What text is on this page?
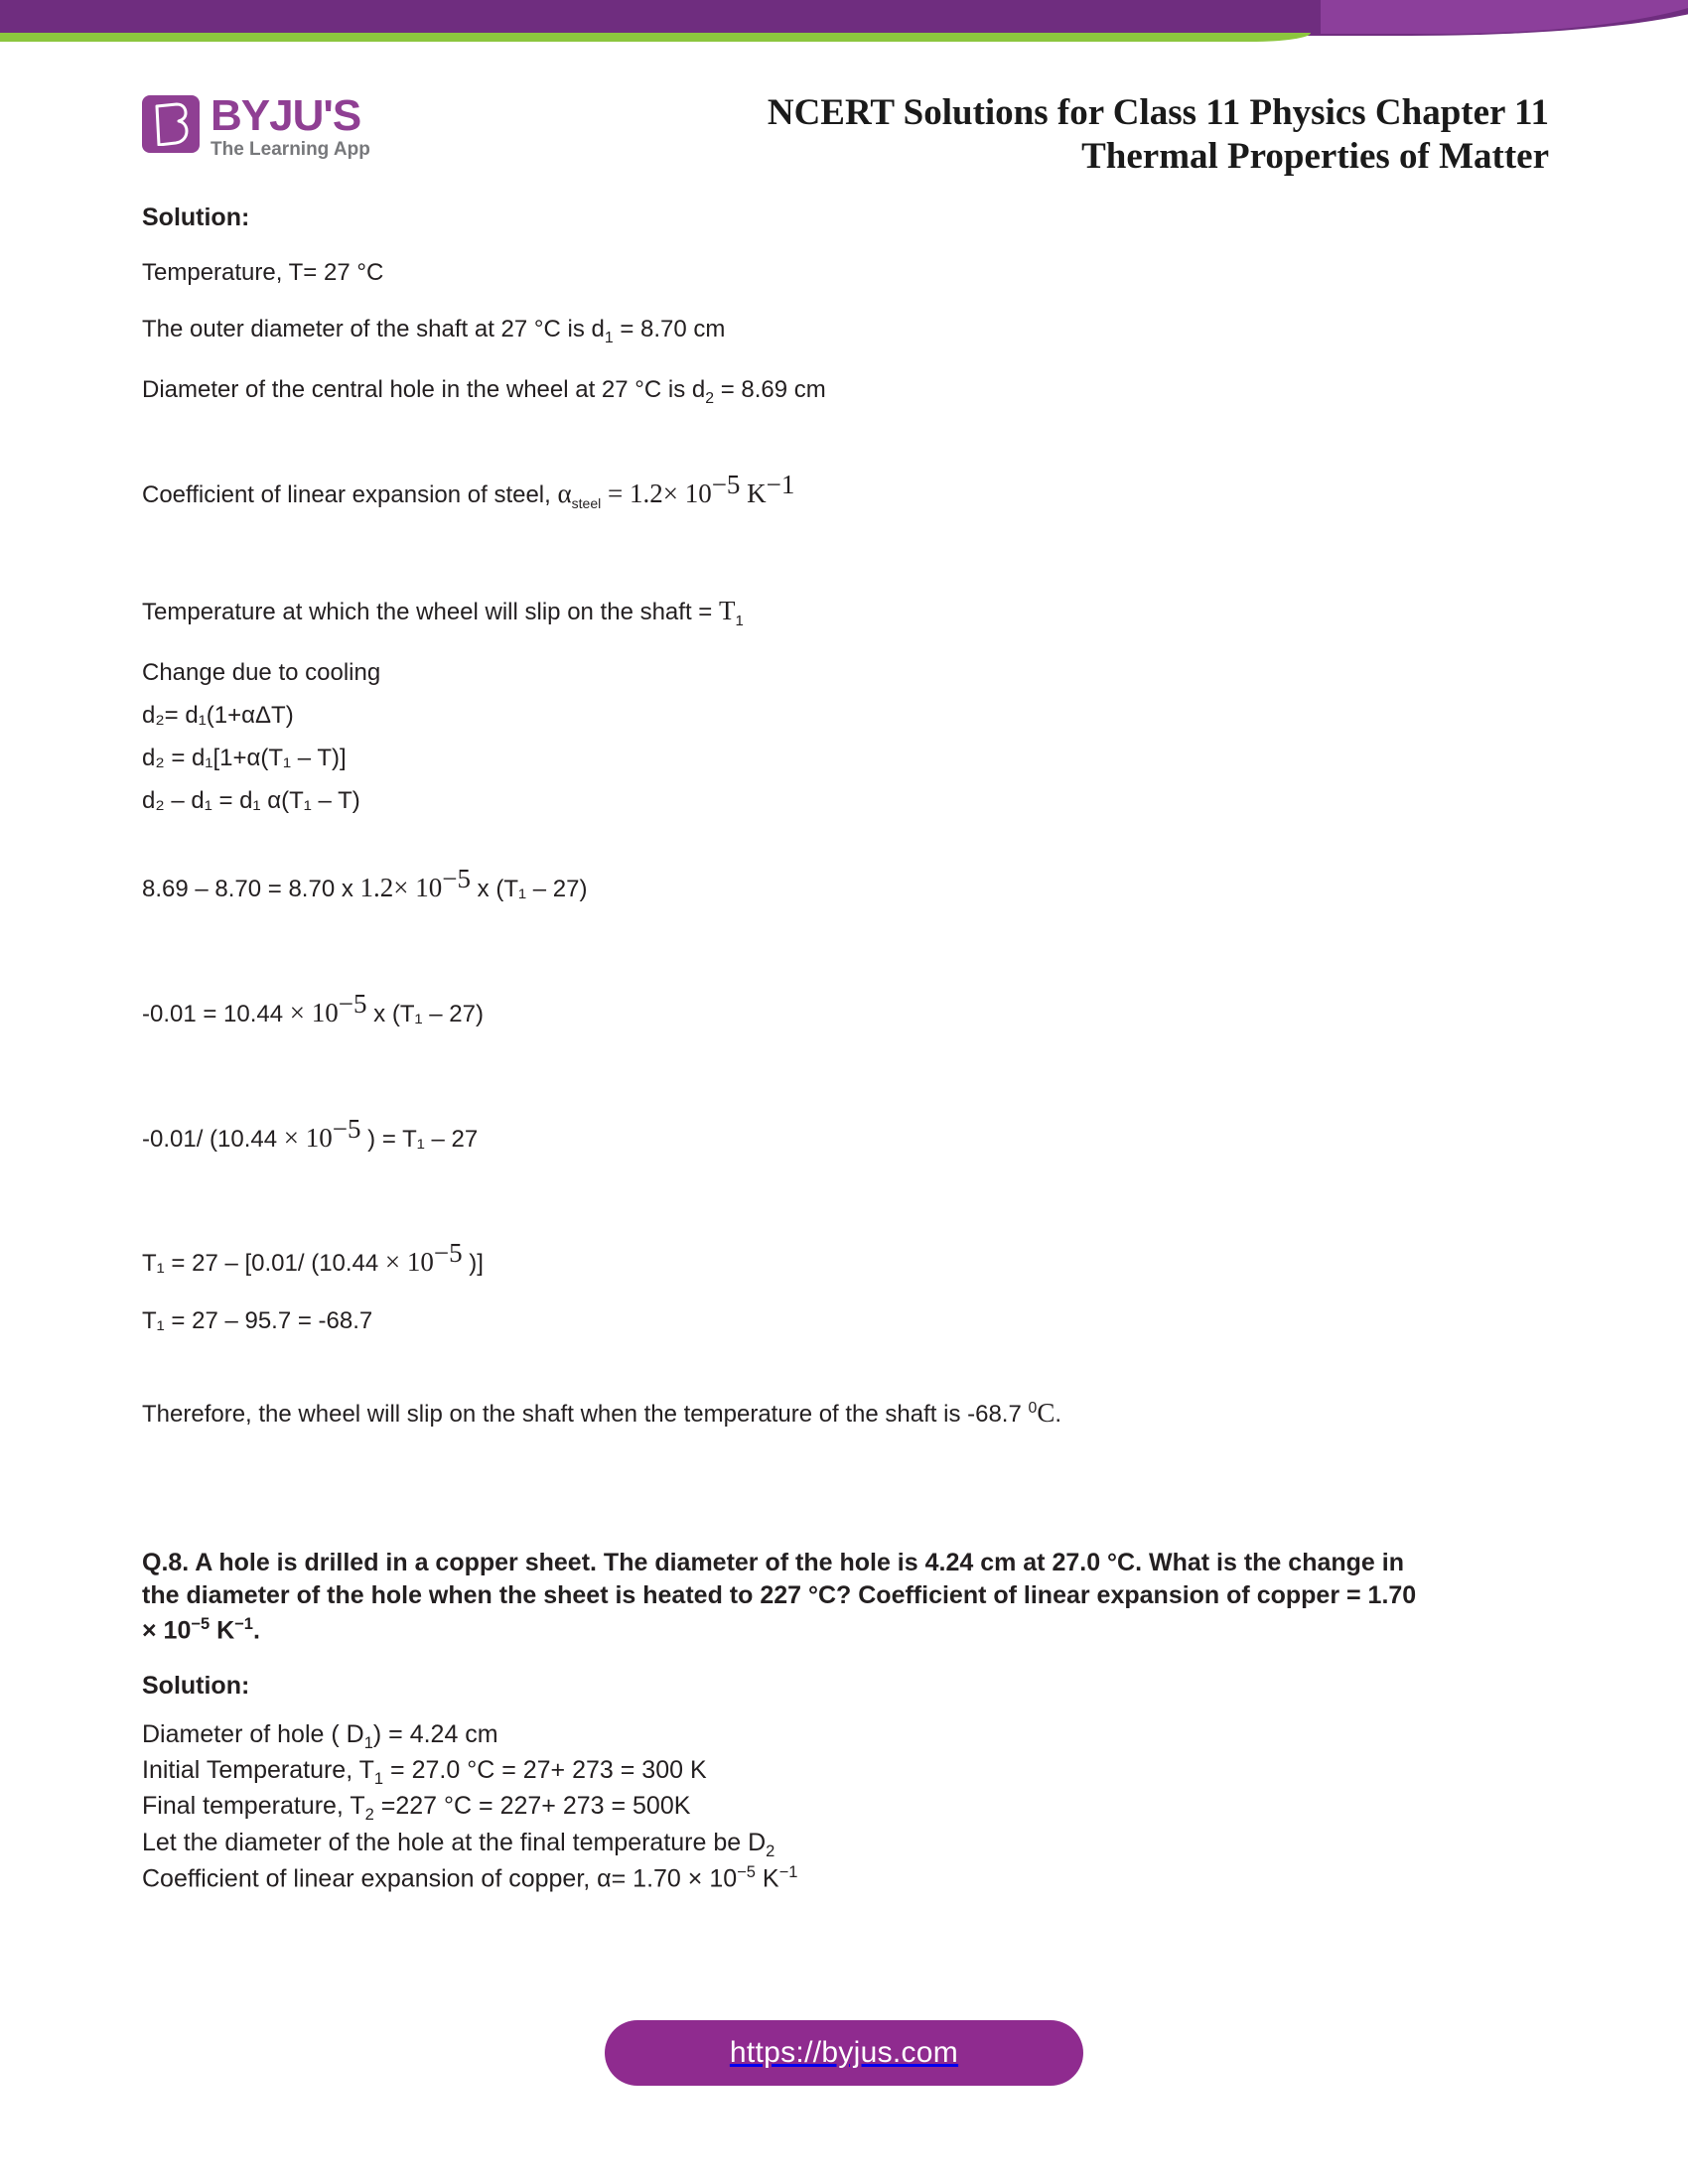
BYJU'S
The Learning App
NCERT Solutions for Class 11 Physics Chapter 11
Thermal Properties of Matter

Solution:

Temperature, T= 27 °C

The outer diameter of the shaft at 27 °C is $d_1 = 8.70$ cm

Diameter of the central hole in the wheel at 27 °C is $d_2 = 8.69$ cm

Coefficient of linear expansion of steel, $\alpha_{steel} = 1.2\times 10^{-5}$ $K^{-1}$

Temperature at which the wheel will slip on the shaft = $T_1$

Change due to cooling

d₂= d₁(1+αΔT)

d₂ = d₁[1+α(T₁ – T)]

d₂ – d₁ = d₁ α(T₁ – T)

8.69 – 8.70 = 8.70 x $1.2\times 10^{-5}$ x (T₁ – 27)

$-0.01 = 10.44 \times 10^{-5}$ x (T₁ – 27)

-0.01/ ($10.44 \times 10^{-5}$ ) = T₁ – 27

T₁ = 27 – [0.01/ ($10.44 \times 10^{-5}$ )]

T₁ = 27 – 95.7 = -68.7

Therefore, the wheel will slip on the shaft when the temperature of the shaft is -68.7 $^0$C.

Q.8. A hole is drilled in a copper sheet. The diameter of the hole is 4.24 cm at 27.0 °C. What is the change in the diameter of the hole when the sheet is heated to 227 °C? Coefficient of linear expansion of copper = $1.70 \times 10^{-5}$ $K^{-1}$.

Solution:

Diameter of hole ( $D_1) = 4.24$ cm

Initial Temperature, $T_1 = 27.0$ °C = 27+ 273 = 300 K

Final temperature, $T_2 =227$ °C = 227+ 273 = 500K

Let the diameter of the hole at the final temperature be $D_2$

Coefficient of linear expansion of copper, $\alpha= 1.70 \times 10^{-5}$ $K^{-1}$

https://byjus.com
